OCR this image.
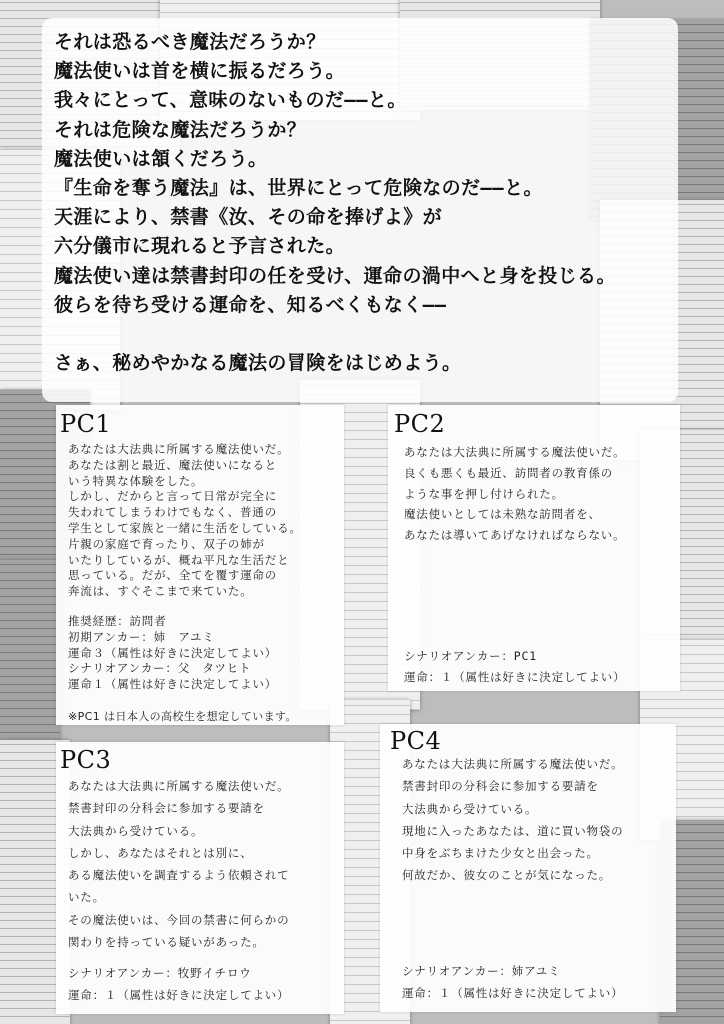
それは恐るべき魔法だろうか？
魔法使いは首を横に振るだろう。
我々にとって、意味のないものだ――と。
それは危険な魔法だろうか？
魔法使いは頷くだろう。
『生命を奪う魔法』は、世界にとって危険なのだ――と。
天涯により、禁書《汝、その命を捧げよ》が
六分儀市に現れると予言された。
魔法使い達は禁書封印の任を受け、運命の渦中へと身を投じる。
彼らを待ち受ける運命を、知るべくもなく――

さぁ、秘めやかなる魔法の冒険をはじめよう。
PC1
あなたは大法典に所属する魔法使いだ。
あなたは割と最近、魔法使いになると
いう特異な体験をした。
しかし、だからと言って日常が完全に
失われてしまうわけでもなく、普通の
学生として家族と一緒に生活をしている。
片親の家庭で育ったり、双子の姉が
いたりしているが、概ね平凡な生活だと
思っている。だが、全てを覆す運命の
奔流は、すぐそこまで来ていた。
推奨経歴：訪問者
初期アンカー：姉　アユミ
運命３（属性は好きに決定してよい）
シナリオアンカー：父　タツヒト
運命１（属性は好きに決定してよい）
※PC1 は日本人の高校生を想定しています。
PC2
あなたは大法典に所属する魔法使いだ。
良くも悪くも最近、訪問者の教育係の
ような事を押し付けられた。
魔法使いとしては未熟な訪問者を、
あなたは導いてあげなければならない。
シナリオアンカー：PC1
運命：１（属性は好きに決定してよい）
PC3
あなたは大法典に所属する魔法使いだ。
禁書封印の分科会に参加する要請を
大法典から受けている。
しかし、あなたはそれとは別に、
ある魔法使いを調査するよう依頼されて
いた。
その魔法使いは、今回の禁書に何らかの
関わりを持っている疑いがあった。
シナリオアンカー：牧野イチロウ
運命：１（属性は好きに決定してよい）
PC4
あなたは大法典に所属する魔法使いだ。
禁書封印の分科会に参加する要請を
大法典から受けている。
現地に入ったあなたは、道に買い物袋の
中身をぶちまけた少女と出会った。
何故だか、彼女のことが気になった。
シナリオアンカー：姉アユミ
運命：１（属性は好きに決定してよい）
